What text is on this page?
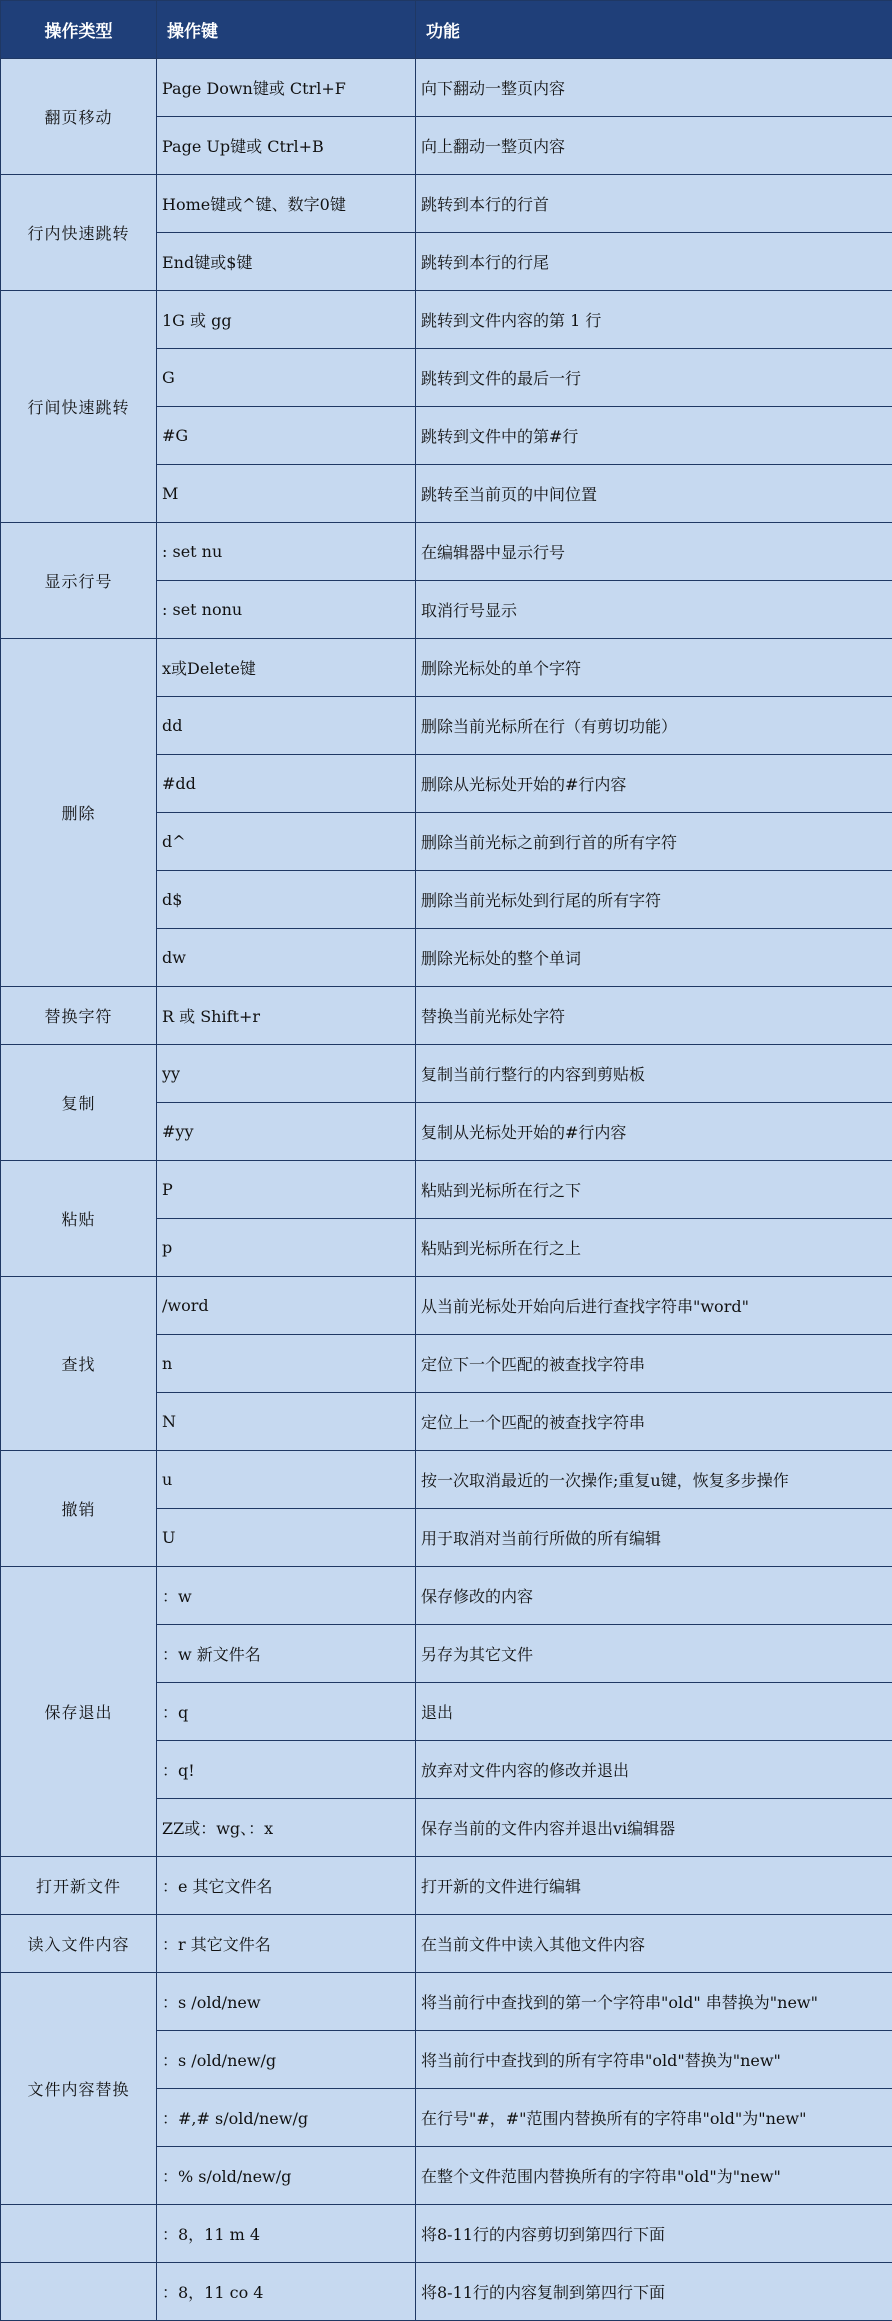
操作类型	操作键	功能
翻页移动	Page Down键或 Ctrl+F	向下翻动一整页内容
	Page Up键或 Ctrl+B	向上翻动一整页内容
行内快速跳转	Home键或^键、数字0键	跳转到本行的行首
	End键或$键	跳转到本行的行尾
行间快速跳转	1G 或 gg	跳转到文件内容的第 1 行
	G	跳转到文件的最后一行
	#G	跳转到文件中的第#行
	M	跳转至当前页的中间位置
显示行号	: set nu	在编辑器中显示行号
	: set nonu	取消行号显示
删除	x或Delete键	删除光标处的单个字符
	dd	删除当前光标所在行（有剪切功能）
	#dd	删除从光标处开始的#行内容
	d^	删除当前光标之前到行首的所有字符
	d$	删除当前光标处到行尾的所有字符
	dw	删除光标处的整个单词
替换字符	R 或 Shift+r	替换当前光标处字符
复制	yy	复制当前行整行的内容到剪贴板
	#yy	复制从光标处开始的#行内容
粘贴	P	粘贴到光标所在行之下
	p	粘贴到光标所在行之上
查找	/word	从当前光标处开始向后进行查找字符串"word"
	n	定位下一个匹配的被查找字符串
	N	定位上一个匹配的被查找字符串
撤销	u	按一次取消最近的一次操作;重复u键，恢复多步操作
	U	用于取消对当前行所做的所有编辑
保存退出	：w	保存修改的内容
	：w 新文件名	另存为其它文件
	：q	退出
	：q!	放弃对文件内容的修改并退出
	ZZ或：wg、：x	保存当前的文件内容并退出vi编辑器
打开新文件	：e 其它文件名	打开新的文件进行编辑
读入文件内容	：r 其它文件名	在当前文件中读入其他文件内容
文件内容替换	：s /old/new	将当前行中查找到的第一个字符串"old" 串替换为"new"
	：s /old/new/g	将当前行中查找到的所有字符串"old"替换为"new"
	：#,# s/old/new/g	在行号"#，#"范围内替换所有的字符串"old"为"new"
	：% s/old/new/g	在整个文件范围内替换所有的字符串"old"为"new"
	：8，11 m 4	将8-11行的内容剪切到第四行下面
	：8，11 co 4	将8-11行的内容复制到第四行下面
